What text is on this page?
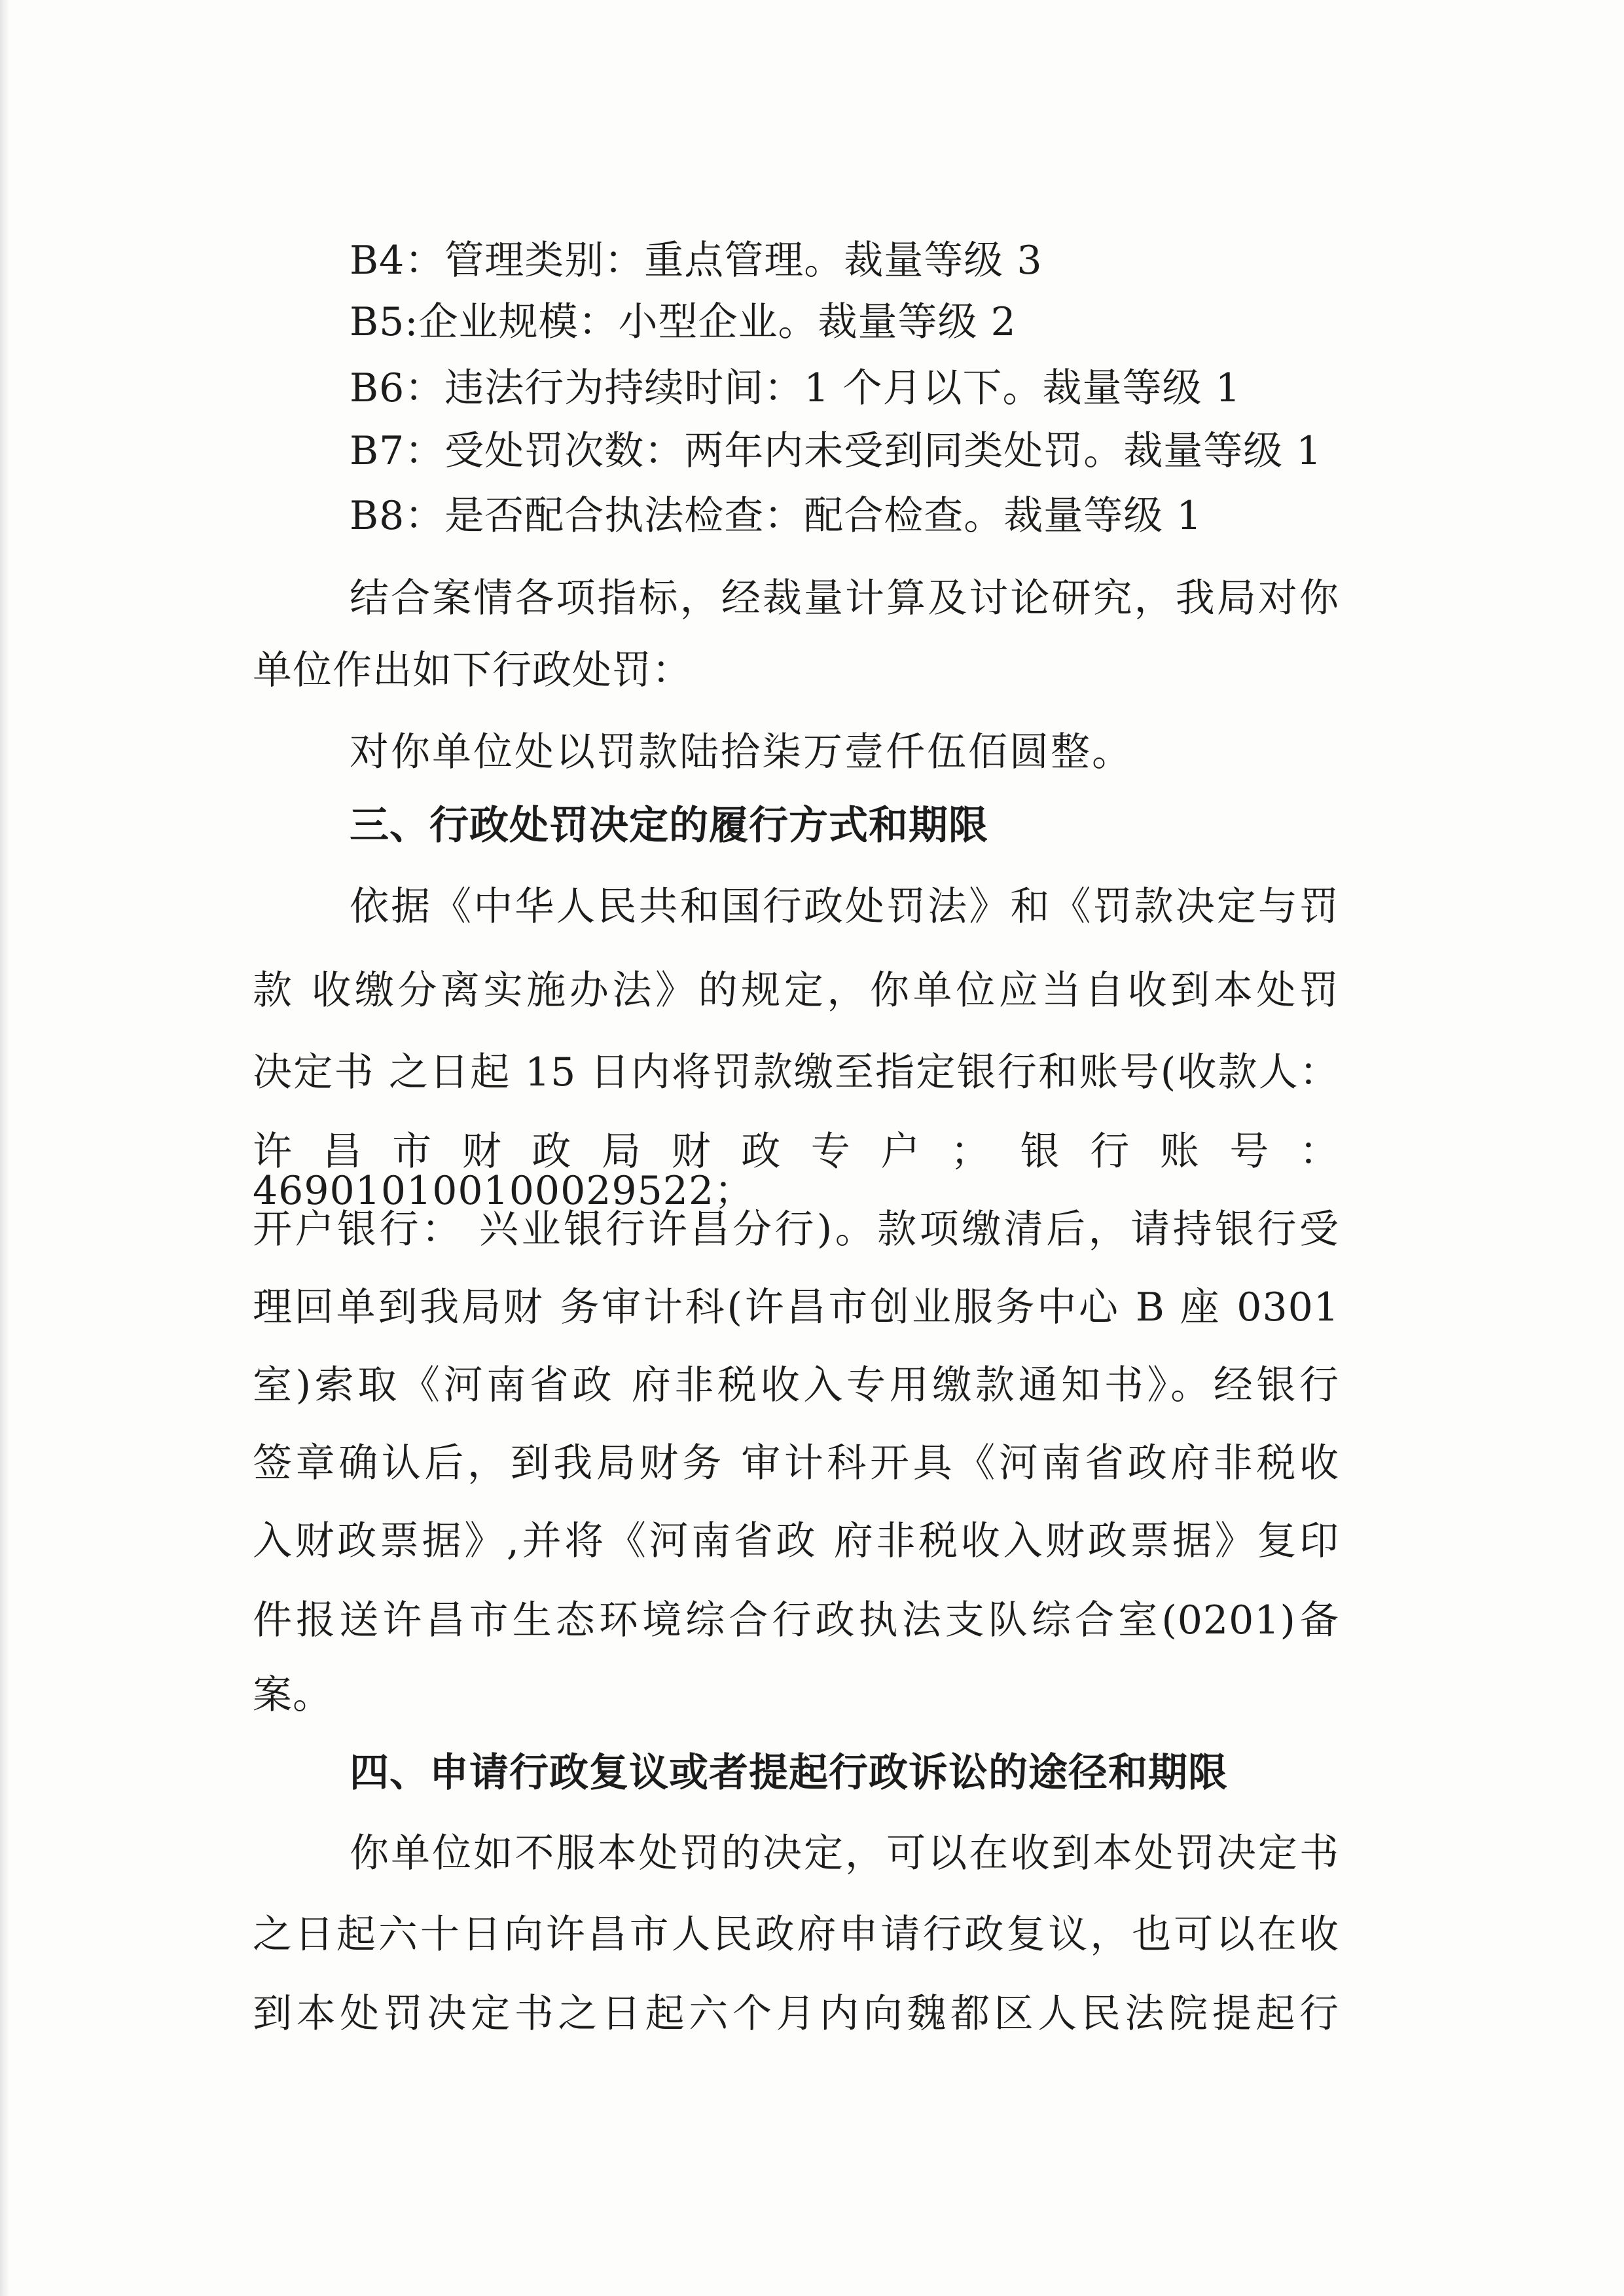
B4：管理类别：重点管理。裁量等级 3
B5:企业规模：小型企业。裁量等级 2
B6：违法行为持续时间：1 个月以下。裁量等级 1
B7：受处罚次数：两年内未受到同类处罚。裁量等级 1
B8：是否配合执法检查：配合检查。裁量等级 1
结合案情各项指标，经裁量计算及讨论研究，我局对你
单位作出如下行政处罚：
对你单位处以罚款陆拾柒万壹仟伍佰圆整。
三、行政处罚决定的履行方式和期限
依据《中华人民共和国行政处罚法》和《罚款决定与罚
款 收缴分离实施办法》的规定，你单位应当自收到本处罚
决定书 之日起 15 日内将罚款缴至指定银行和账号(收款人：
许昌市财政局财政专户；银行账号：469010100100029522；
开户银行： 兴业银行许昌分行)。款项缴清后，请持银行受
理回单到我局财 务审计科(许昌市创业服务中心 B 座 0301
室)索取《河南省政 府非税收入专用缴款通知书》。经银行
签章确认后，到我局财务 审计科开具《河南省政府非税收
入财政票据》,并将《河南省政 府非税收入财政票据》复印
件报送许昌市生态环境综合行政执法支队综合室(0201)备
案。
四、申请行政复议或者提起行政诉讼的途径和期限
你单位如不服本处罚的决定，可以在收到本处罚决定书
之日起六十日向许昌市人民政府申请行政复议，也可以在收
到本处罚决定书之日起六个月内向魏都区人民法院提起行
